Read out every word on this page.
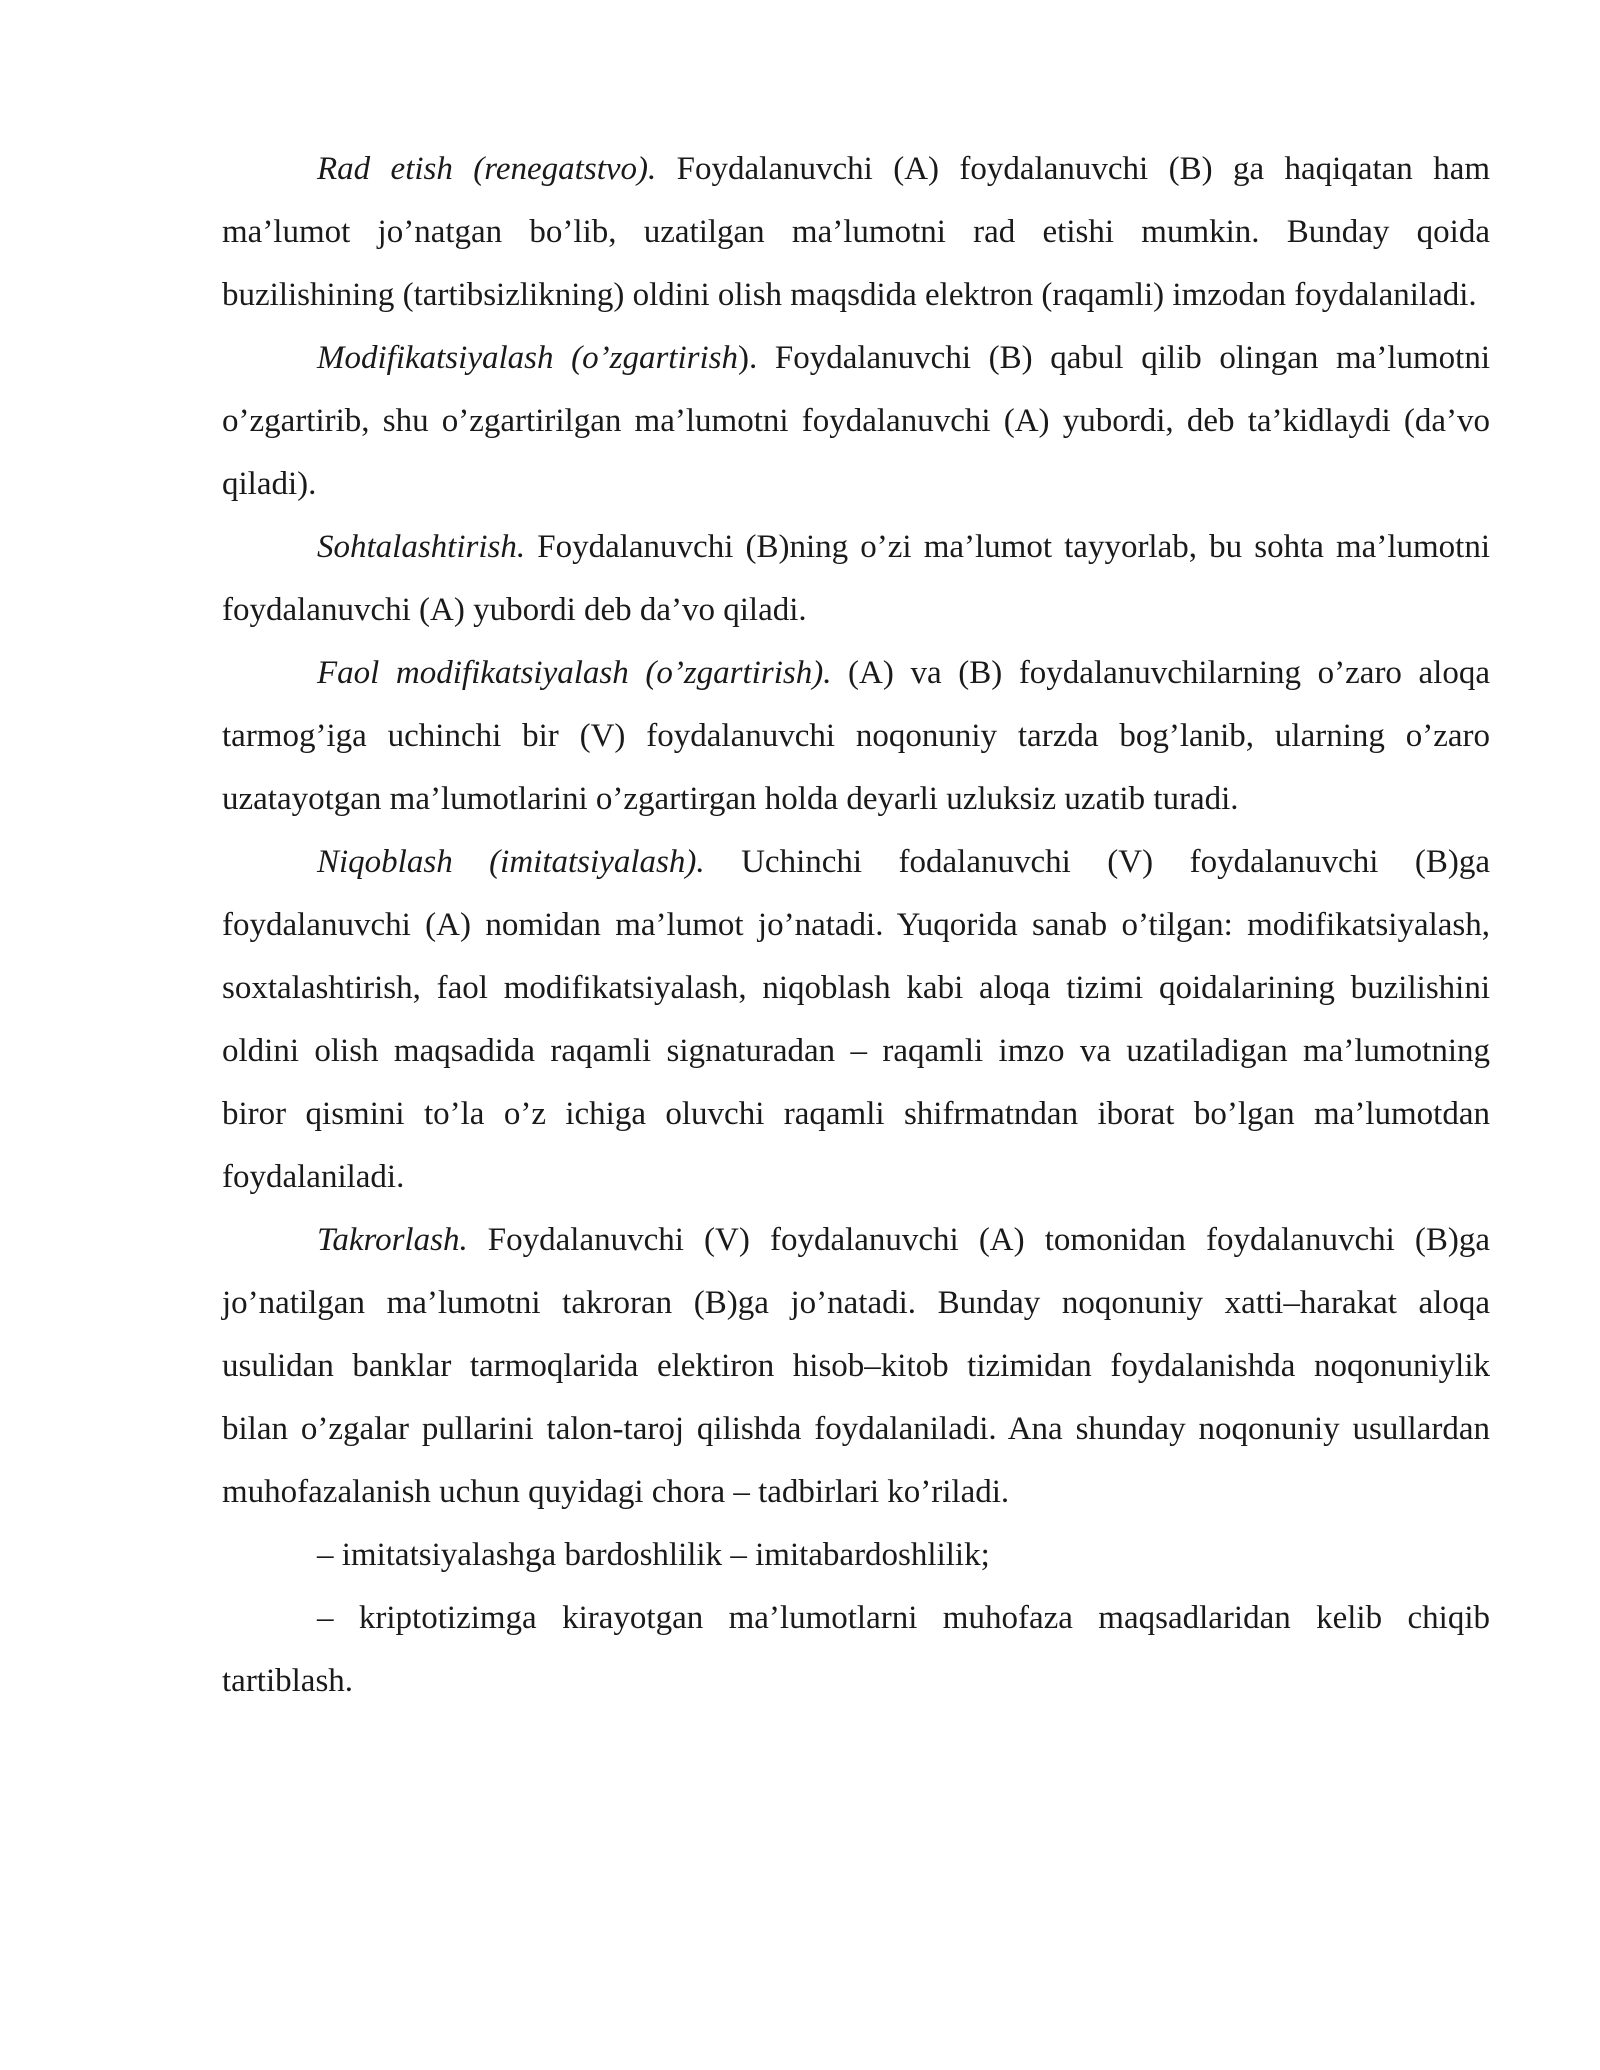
Rad etish (renegatstvo). Foydalanuvchi (A) foydalanuvchi (B) ga haqiqatan ham ma’lumot jo’natgan bo’lib, uzatilgan ma’lumotni rad etishi mumkin. Bunday qoida buzilishining (tartibsizlikning) oldini olish maqsdida elektron (raqamli) imzodan foydalaniladi.

Modifikatsiyalash (o’zgartirish). Foydalanuvchi (B) qabul qilib olingan ma’lumotni o’zgartirib, shu o’zgartirilgan ma’lumotni foydalanuvchi (A) yubordi, deb ta’kidlaydi (da’vo qiladi).

Sohtalashtirish. Foydalanuvchi (B)ning o’zi ma’lumot tayyorlab, bu sohta ma’lumotni foydalanuvchi (A) yubordi deb da’vo qiladi.

Faol modifikatsiyalash (o’zgartirish). (A) va (B) foydalanuvchilarning o’zaro aloqa tarmog’iga uchinchi bir (V) foydalanuvchi noqonuniy tarzda bog’lanib, ularning o’zaro uzatayotgan ma’lumotlarini o’zgartirgan holda deyarli uzluksiz uzatib turadi.

Niqoblash (imitatsiyalash). Uchinchi fodalanuvchi (V) foydalanuvchi (B)ga foydalanuvchi (A) nomidan ma’lumot jo’natadi. Yuqorida sanab o’tilgan: modifikatsiyalash, soxtalashtirish, faol modifikatsiyalash, niqoblash kabi aloqa tizimi qoidalarining buzilishini oldini olish maqsadida raqamli signaturadan – raqamli imzo va uzatiladigan ma’lumotning biror qismini to’la o’z ichiga oluvchi raqamli shifrmatndan iborat bo’lgan ma’lumotdan foydalaniladi.

Takrorlash. Foydalanuvchi (V) foydalanuvchi (A) tomonidan foydalanuvchi (B)ga jo’natilgan ma’lumotni takroran (B)ga jo’natadi. Bunday noqonuniy xatti–harakat aloqa usulidan banklar tarmoqlarida elektiron hisob–kitob tizimidan foydalanishda noqonuniylik bilan o’zgalar pullarini talon-taroj qilishda foydalaniladi. Ana shunday noqonuniy usullardan muhofazalanish uchun quyidagi chora – tadbirlari ko’riladi.

– imitatsiyalashga bardoshlilik – imitabardoshlilik;

– kriptotizimga kirayotgan ma’lumotlarni muhofaza maqsadlaridan kelib chiqib tartiblash.
